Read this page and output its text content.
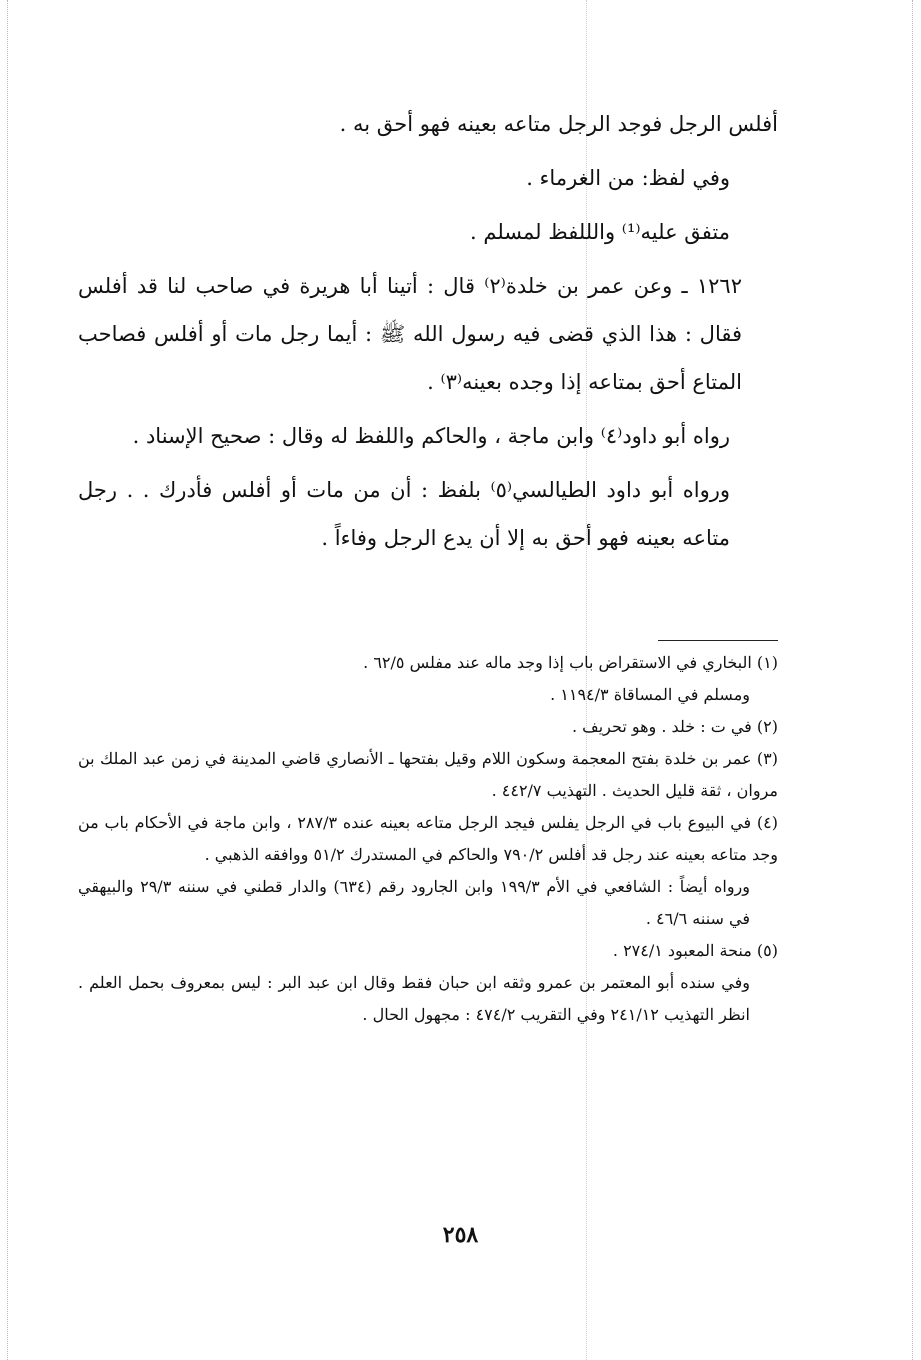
أفلس الرجل فوجد الرجل متاعه بعينه فهو أحق به .

وفي لفظ: من الغرماء .

متفق عليه⁽¹⁾ والللفظ لمسلم .

١٢٦٢ ـ وعن عمر بن خلدة⁽٢⁾ قال : أتينا أبا هريرة في صاحب لنا قد أفلس فقال : هذا الذي قضى فيه رسول الله ﷺ : أيما رجل مات أو أفلس فصاحب المتاع أحق بمتاعه إذا وجده بعينه⁽٣⁾ .

رواه أبو داود⁽٤⁾ وابن ماجة ، والحاكم واللفظ له وقال : صحيح الإسناد .

ورواه أبو داود الطيالسي⁽٥⁾ بلفظ : أن من مات أو أفلس فأدرك . . رجل متاعه بعينه فهو أحق به إلا أن يدع الرجل وفاءاً .

(١) البخاري في الاستقراض باب إذا وجد ماله عند مفلس ٦٢/٥ .

ومسلم في المساقاة ١١٩٤/٣ .

(٢) في ت : خلد . وهو تحريف .

(٣) عمر بن خلدة بفتح المعجمة وسكون اللام وقيل بفتحها ـ الأنصاري قاضي المدينة في زمن عبد الملك بن مروان ، ثقة قليل الحديث . التهذيب ٤٤٢/٧ .

(٤) في البيوع باب في الرجل يفلس فيجد الرجل متاعه بعينه عنده ٢٨٧/٣ ، وابن ماجة في الأحكام باب من وجد متاعه بعينه عند رجل قد أفلس ٧٩٠/٢ والحاكم في المستدرك ٥١/٢ ووافقه الذهبي .

ورواه أيضاً : الشافعي في الأم ١٩٩/٣ وابن الجارود رقم (٦٣٤) والدار قطني في سننه ٢٩/٣ والبيهقي في سننه ٤٦/٦ .

(٥) منحة المعبود ٢٧٤/١ .

وفي سنده أبو المعتمر بن عمرو وثقه ابن حبان فقط وقال ابن عبد البر : ليس بمعروف بحمل العلم . انظر التهذيب ٢٤١/١٢ وفي التقريب ٤٧٤/٢ : مجهول الحال .

٢٥٨
